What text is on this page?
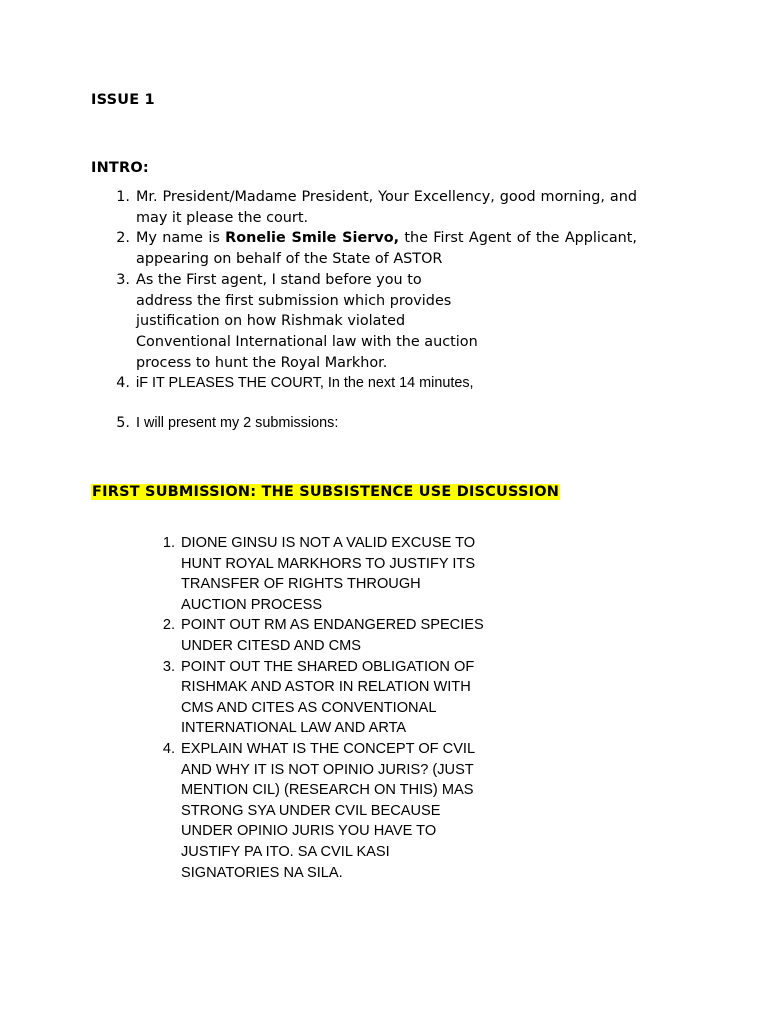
ISSUE 1

INTRO:

1. Mr. President/Madame President, Your Excellency, good morning, and may it please the court.
2. My name is Ronelie Smile Siervo, the First Agent of the Applicant, appearing on behalf of the State of ASTOR
3. As the First agent, I stand before you to
address the first submission which provides
justification on how Rishmak violated
Conventional International law with the auction
process to hunt the Royal Markhor.
4. iF IT PLEASES THE COURT, In the next 14 minutes,
5. I will present my 2 submissions:

FIRST SUBMISSION: THE SUBSISTENCE USE DISCUSSION

1. DIONE GINSU IS NOT A VALID EXCUSE TO
HUNT ROYAL MARKHORS TO JUSTIFY ITS
TRANSFER OF RIGHTS THROUGH
AUCTION PROCESS
2. POINT OUT RM AS ENDANGERED SPECIES
UNDER CITESD AND CMS
3. POINT OUT THE SHARED OBLIGATION OF
RISHMAK AND ASTOR IN RELATION WITH
CMS AND CITES AS CONVENTIONAL
INTERNATIONAL LAW AND ARTA
4. EXPLAIN WHAT IS THE CONCEPT OF CVIL
AND WHY IT IS NOT OPINIO JURIS? (JUST
MENTION CIL) (RESEARCH ON THIS) MAS
STRONG SYA UNDER CVIL BECAUSE
UNDER OPINIO JURIS YOU HAVE TO
JUSTIFY PA ITO. SA CVIL KASI
SIGNATORIES NA SILA.
